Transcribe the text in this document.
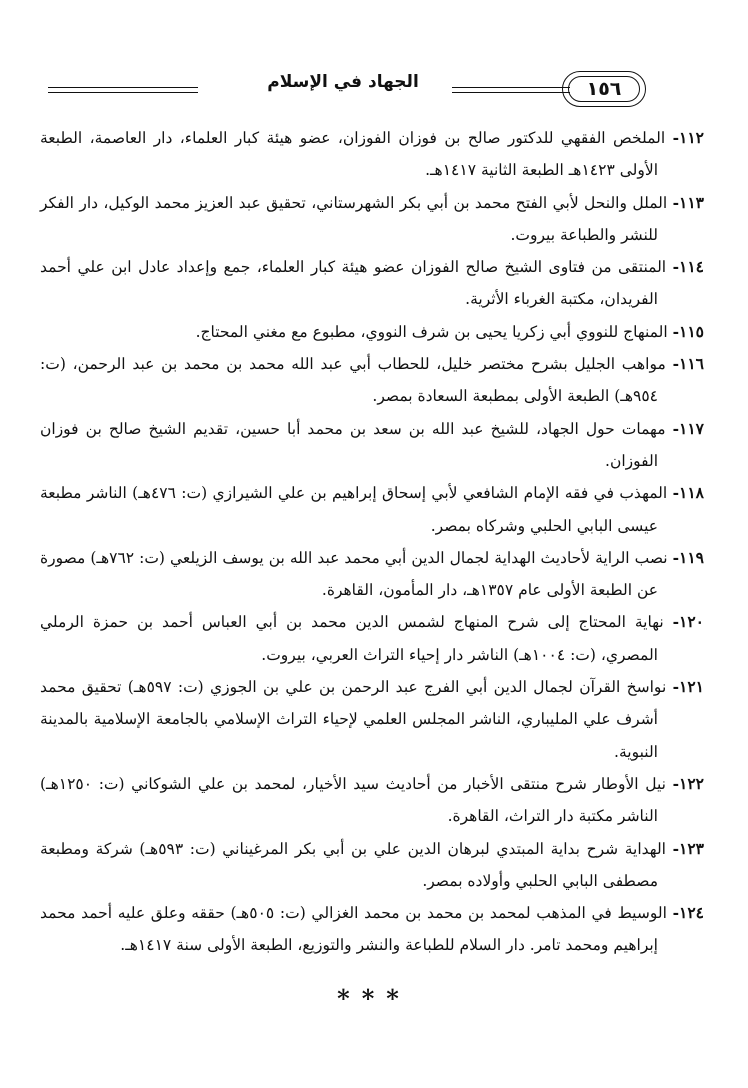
الجهاد في الإسلام	١٥٦

١١٢- الملخص الفقهي للدكتور صالح بن فوزان الفوزان، عضو هيئة كبار العلماء، دار العاصمة، الطبعة الأولى ١٤٢٣هـ الطبعة الثانية ١٤١٧هـ.

١١٣- الملل والنحل لأبي الفتح محمد بن أبي بكر الشهرستاني، تحقيق عبد العزيز محمد الوكيل، دار الفكر للنشر والطباعة بيروت.

١١٤- المنتقى من فتاوى الشيخ صالح الفوزان عضو هيئة كبار العلماء، جمع وإعداد عادل ابن علي أحمد الفريدان، مكتبة الغرباء الأثرية.

١١٥- المنهاج للنووي أبي زكريا يحيى بن شرف النووي، مطبوع مع مغني المحتاج.

١١٦- مواهب الجليل بشرح مختصر خليل، للحطاب أبي عبد الله محمد بن محمد بن عبد الرحمن، (ت: ٩٥٤هـ) الطبعة الأولى بمطبعة السعادة بمصر.

١١٧- مهمات حول الجهاد، للشيخ عبد الله بن سعد بن محمد أبا حسين، تقديم الشيخ صالح بن فوزان الفوزان.

١١٨- المهذب في فقه الإمام الشافعي لأبي إسحاق إبراهيم بن علي الشيرازي (ت: ٤٧٦هـ) الناشر مطبعة عيسى البابي الحلبي وشركاه بمصر.

١١٩- نصب الراية لأحاديث الهداية لجمال الدين أبي محمد عبد الله بن يوسف الزيلعي (ت: ٧٦٢هـ) مصورة عن الطبعة الأولى عام ١٣٥٧هـ، دار المأمون، القاهرة.

١٢٠- نهاية المحتاج إلى شرح المنهاج لشمس الدين محمد بن أبي العباس أحمد بن حمزة الرملي المصري، (ت: ١٠٠٤هـ) الناشر دار إحياء التراث العربي، بيروت.

١٢١- نواسخ القرآن لجمال الدين أبي الفرج عبد الرحمن بن علي بن الجوزي (ت: ٥٩٧هـ) تحقيق محمد أشرف علي المليباري، الناشر المجلس العلمي لإحياء التراث الإسلامي بالجامعة الإسلامية بالمدينة النبوية.

١٢٢- نيل الأوطار شرح منتقى الأخبار من أحاديث سيد الأخيار، لمحمد بن علي الشوكاني (ت: ١٢٥٠هـ) الناشر مكتبة دار التراث، القاهرة.

١٢٣- الهداية شرح بداية المبتدي لبرهان الدين علي بن أبي بكر المرغيناني (ت: ٥٩٣هـ) شركة ومطبعة مصطفى البابي الحلبي وأولاده بمصر.

١٢٤- الوسيط في المذهب لمحمد بن محمد بن محمد الغزالي (ت: ٥٠٥هـ) حققه وعلق عليه أحمد محمد إبراهيم ومحمد تامر. دار السلام للطباعة والنشر والتوزيع، الطبعة الأولى سنة ١٤١٧هـ.

***
